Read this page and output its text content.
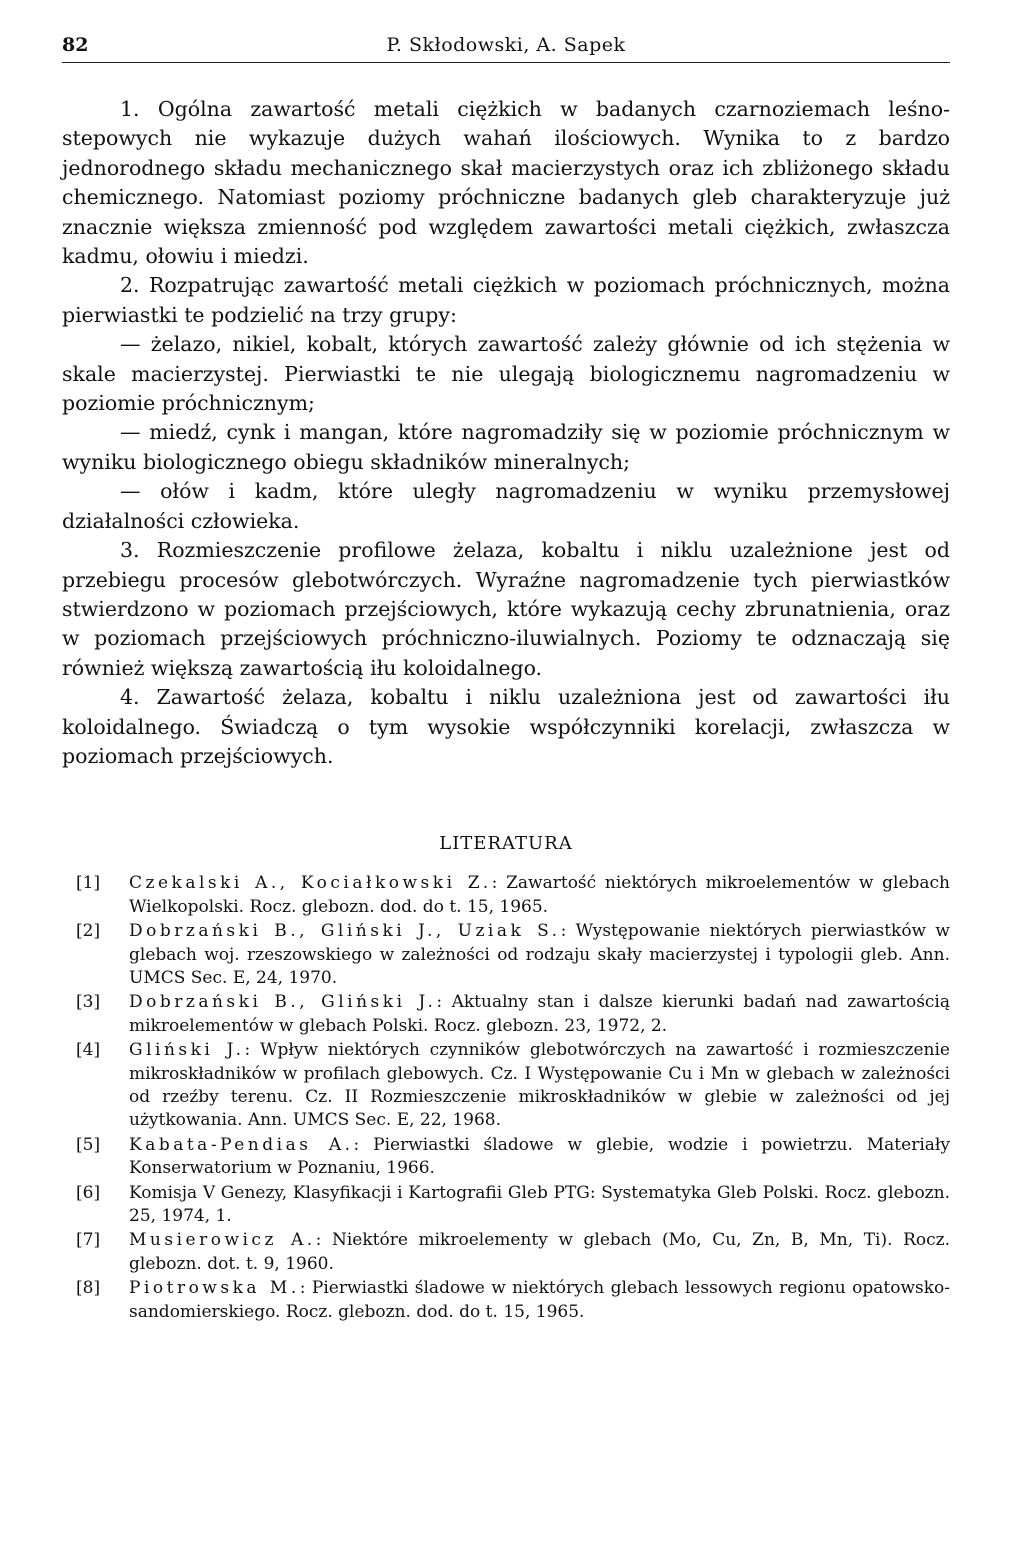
82	P. Skłodowski, A. Sapek

1. Ogólna zawartość metali ciężkich w badanych czarnoziemach leśno-stepowych nie wykazuje dużych wahań ilościowych. Wynika to z bardzo jednorodnego składu mechanicznego skał macierzystych oraz ich zbliżonego składu chemicznego. Natomiast poziomy próchniczne badanych gleb charakteryzuje już znacznie większa zmienność pod względem zawartości metali ciężkich, zwłaszcza kadmu, ołowiu i miedzi.

2. Rozpatrując zawartość metali ciężkich w poziomach próchnicznych, można pierwiastki te podzielić na trzy grupy:

— żelazo, nikiel, kobalt, których zawartość zależy głównie od ich stężenia w skale macierzystej. Pierwiastki te nie ulegają biologicznemu nagromadzeniu w poziomie próchnicznym;

— miedź, cynk i mangan, które nagromadziły się w poziomie próchnicznym w wyniku biologicznego obiegu składników mineralnych;

— ołów i kadm, które uległy nagromadzeniu w wyniku przemysłowej działalności człowieka.

3. Rozmieszczenie profilowe żelaza, kobaltu i niklu uzależnione jest od przebiegu procesów glebotwórczych. Wyraźne nagromadzenie tych pierwiastków stwierdzono w poziomach przejściowych, które wykazują cechy zbrunatnienia, oraz w poziomach przejściowych próchniczno-iluwialnych. Poziomy te odznaczają się również większą zawartością iłu koloidalnego.

4. Zawartość żelaza, kobaltu i niklu uzależniona jest od zawartości iłu koloidalnego. Świadczą o tym wysokie współczynniki korelacji, zwłaszcza w poziomach przejściowych.

LITERATURA
[1] Czekalski A., Kociałkowski Z.: Zawartość niektórych mikroelementów w glebach Wielkopolski. Rocz. glebozn. dod. do t. 15, 1965.
[2] Dobrzański B., Gliński J., Uziak S.: Występowanie niektórych pierwiastków w glebach woj. rzeszowskiego w zależności od rodzaju skały macierzystej i typologii gleb. Ann. UMCS Sec. E, 24, 1970.
[3] Dobrzański B., Gliński J.: Aktualny stan i dalsze kierunki badań nad zawartością mikroelementów w glebach Polski. Rocz. glebozn. 23, 1972, 2.
[4] Gliński J.: Wpływ niektórych czynników glebotwórczych na zawartość i rozmieszczenie mikroskładników w profilach glebowych. Cz. I Występowanie Cu i Mn w glebach w zależności od rzeźby terenu. Cz. II Rozmieszczenie mikroskładników w glebie w zależności od jej użytkowania. Ann. UMCS Sec. E, 22, 1968.
[5] Kabata-Pendias A.: Pierwiastki śladowe w glebie, wodzie i powietrzu. Materiały Konserwatorium w Poznaniu, 1966.
[6] Komisja V Genezy, Klasyfikacji i Kartografii Gleb PTG: Systematyka Gleb Polski. Rocz. glebozn. 25, 1974, 1.
[7] Musierowicz A.: Niektóre mikroelementy w glebach (Mo, Cu, Zn, B, Mn, Ti). Rocz. glebozn. dot. t. 9, 1960.
[8] Piotrowska M.: Pierwiastki śladowe w niektórych glebach lessowych regionu opatowsko-sandomierskiego. Rocz. glebozn. dod. do t. 15, 1965.
